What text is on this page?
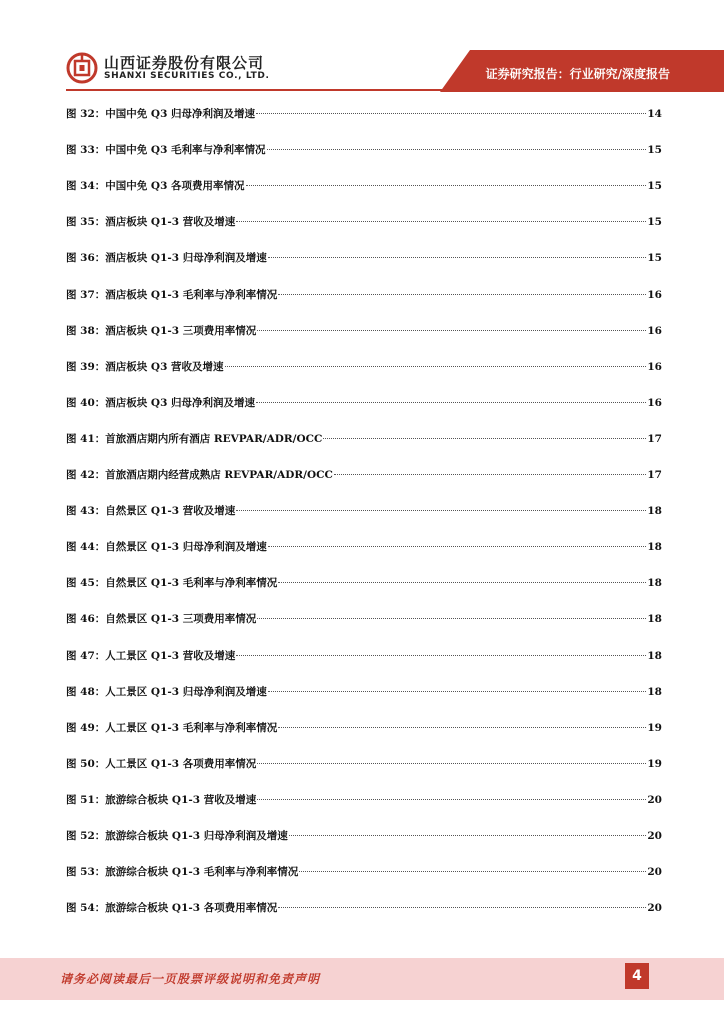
山西证券股份有限公司
SHANXI SECURITIES CO., LTD.	证券研究报告：行业研究/深度报告
图 32：中国中免 Q3 归母净利润及增速	14
图 33：中国中免 Q3 毛利率与净利率情况	15
图 34：中国中免 Q3 各项费用率情况	15
图 35：酒店板块 Q1-3 营收及增速	15
图 36：酒店板块 Q1-3 归母净利润及增速	15
图 37：酒店板块 Q1-3 毛利率与净利率情况	16
图 38：酒店板块 Q1-3 三项费用率情况	16
图 39：酒店板块 Q3 营收及增速	16
图 40：酒店板块 Q3 归母净利润及增速	16
图 41：首旅酒店期内所有酒店 REVPAR/ADR/OCC	17
图 42：首旅酒店期内经营成熟店 REVPAR/ADR/OCC	17
图 43：自然景区 Q1-3 营收及增速	18
图 44：自然景区 Q1-3 归母净利润及增速	18
图 45：自然景区 Q1-3 毛利率与净利率情况	18
图 46：自然景区 Q1-3 三项费用率情况	18
图 47：人工景区 Q1-3 营收及增速	18
图 48：人工景区 Q1-3 归母净利润及增速	18
图 49：人工景区 Q1-3 毛利率与净利率情况	19
图 50：人工景区 Q1-3 各项费用率情况	19
图 51：旅游综合板块 Q1-3 营收及增速	20
图 52：旅游综合板块 Q1-3 归母净利润及增速	20
图 53：旅游综合板块 Q1-3 毛利率与净利率情况	20
图 54：旅游综合板块 Q1-3 各项费用率情况	20
请务必阅读最后一页股票评级说明和免责声明	4
